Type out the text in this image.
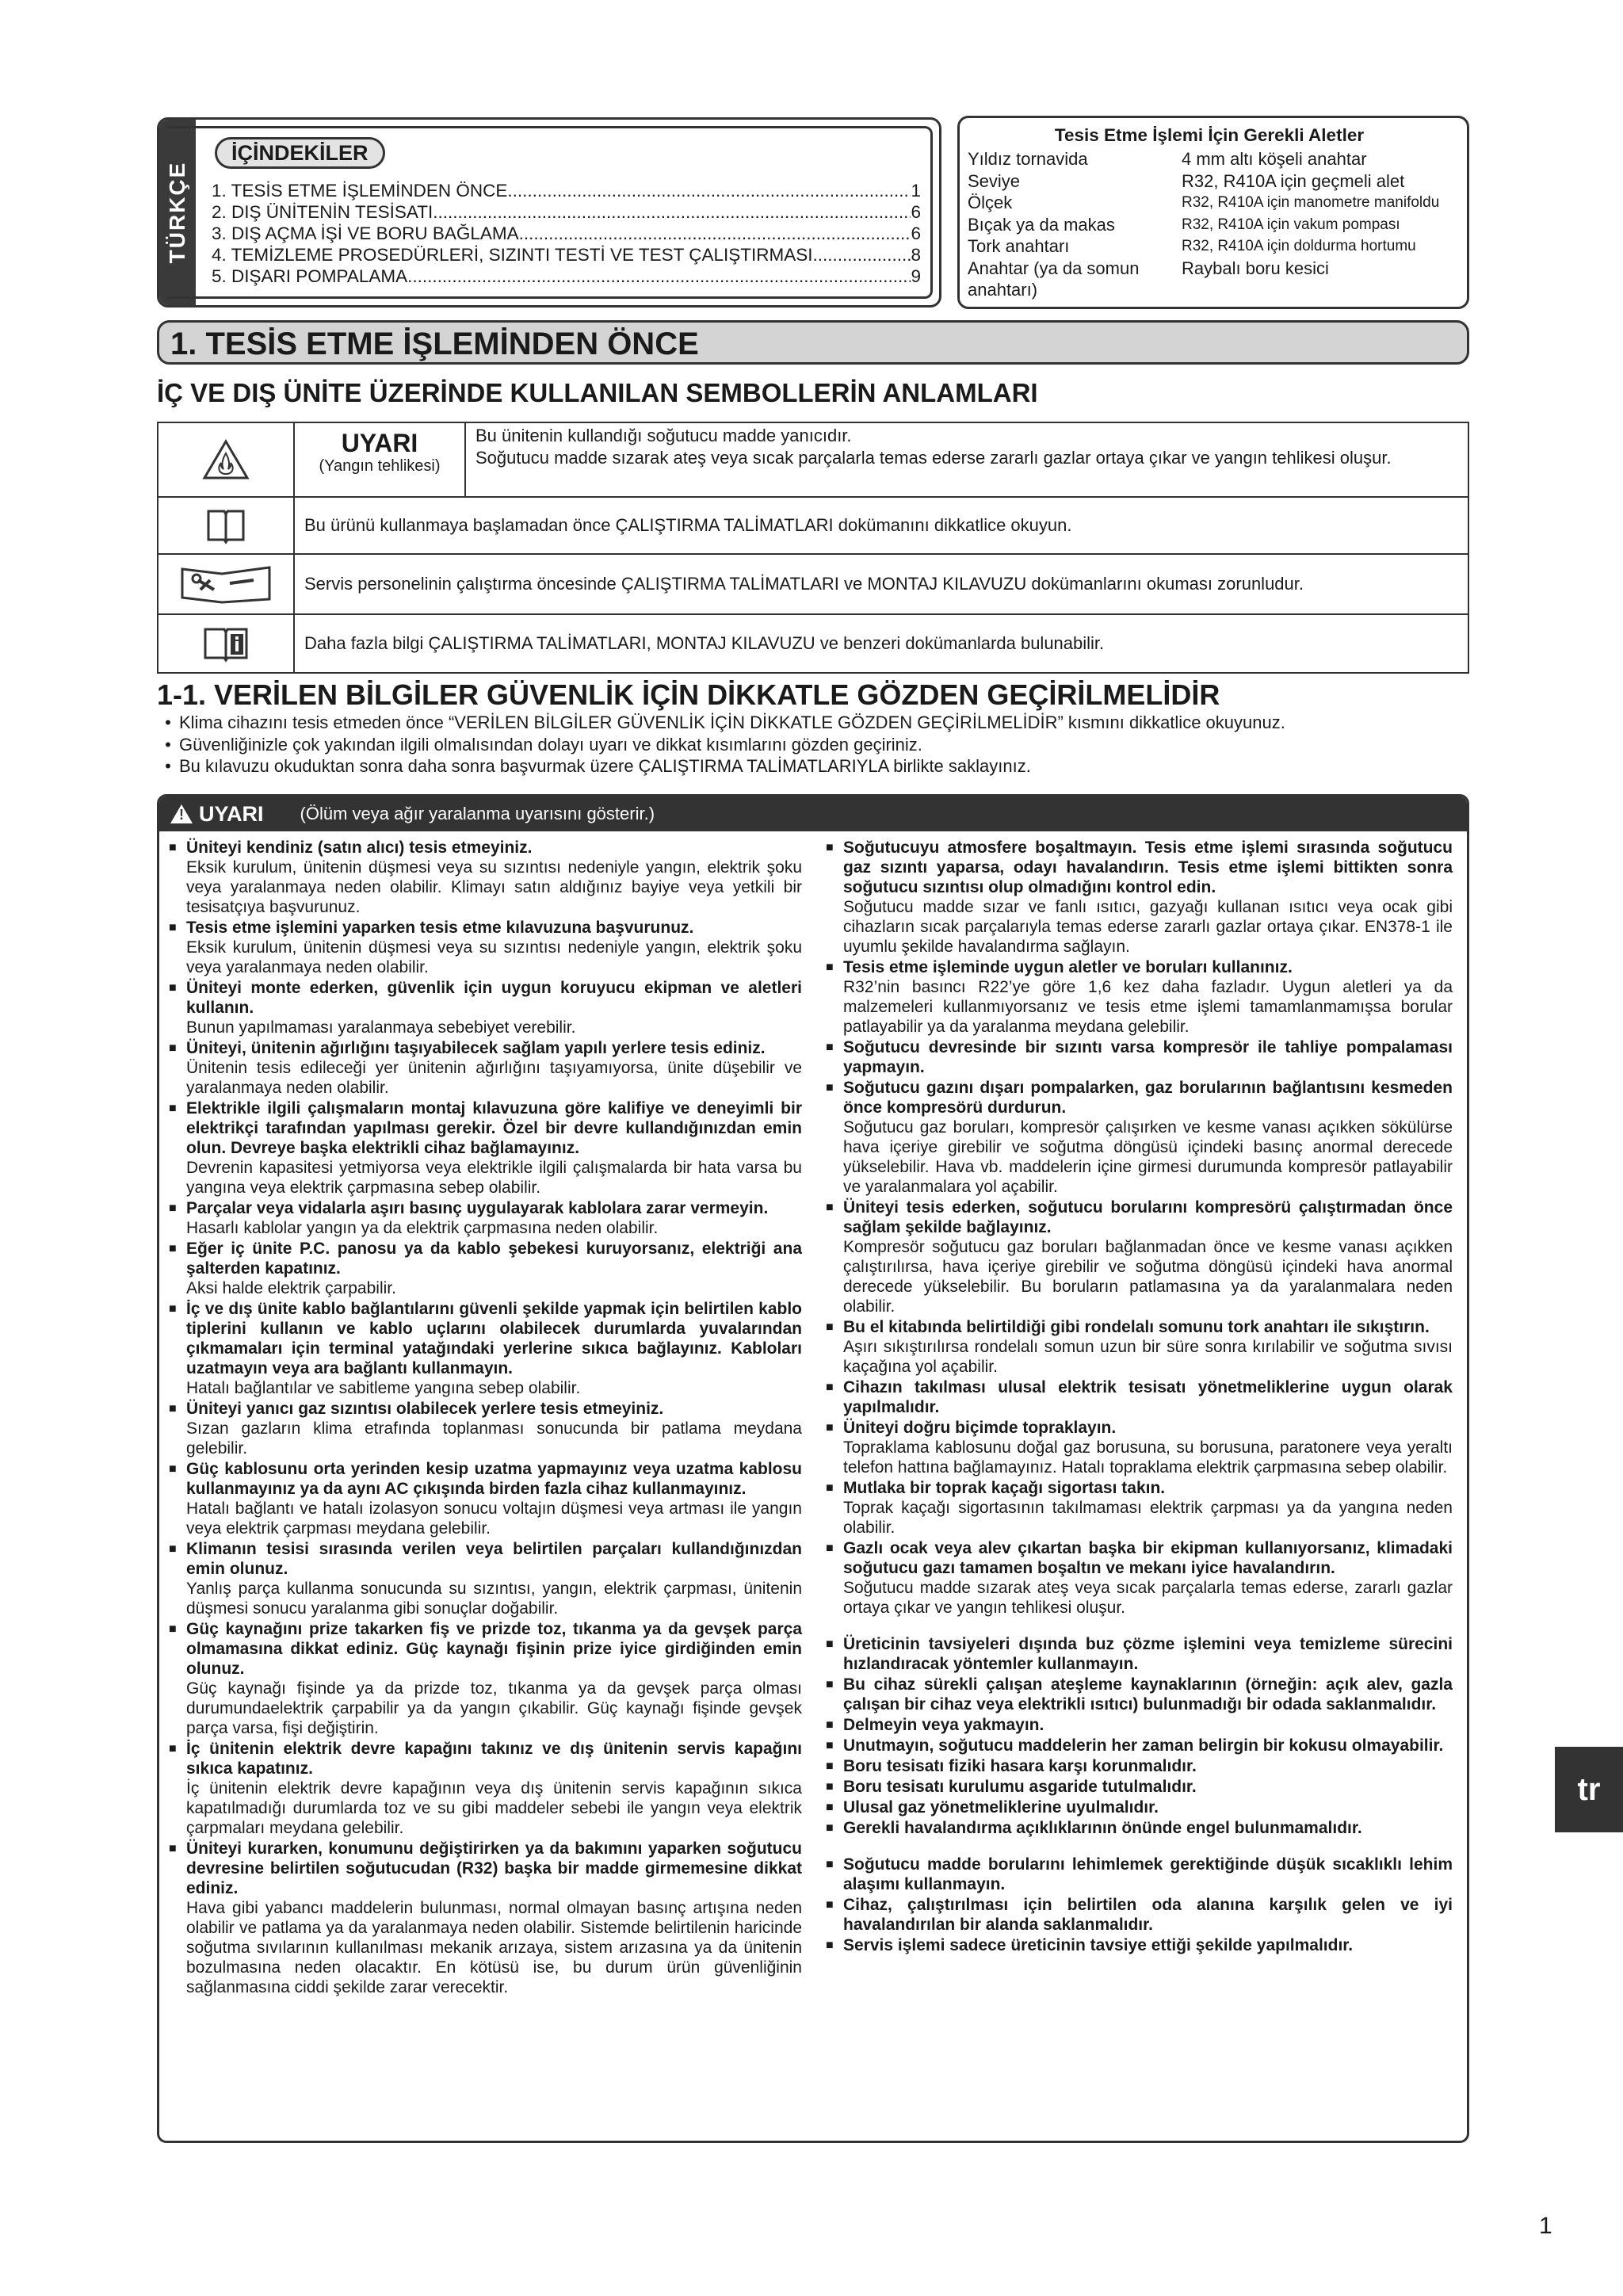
TÜRKÇE
İÇİNDEKİLER
1. TESİS ETME İŞLEMİNDEN ÖNCE .....	1
2. DIŞ ÜNİTENİN TESİSATI .....	6
3. DIŞ AÇMA İŞİ VE BORU BAĞLAMA .....	6
4. TEMİZLEME PROSEDÜRLERİ, SIZINTI TESTİ VE TEST ÇALIŞTIRMASI .....	8
5. DIŞARI POMPALAMA .....	9
Tesis Etme İşlemi İçin Gerekli Aletler
Yıldız tornavida	4 mm altı köşeli anahtar
Seviye	R32, R410A için geçmeli alet
Ölçek	R32, R410A için manometre manifoldu
Bıçak ya da makas	R32, R410A için vakum pompası
Tork anahtarı	R32, R410A için doldurma hortumu
Anahtar (ya da somun	Raybalı boru kesici
anahtarı)
1. TESİS ETME İŞLEMİNDEN ÖNCE
İÇ VE DIŞ ÜNİTE ÜZERİNDE KULLANILAN SEMBOLLERİN ANLAMLARI
UYARI
(Yangın tehlikesi)
Bu ünitenin kullandığı soğutucu madde yanıcıdır.
Soğutucu madde sızarak ateş veya sıcak parçalarla temas ederse zararlı gazlar ortaya çıkar ve yangın tehlikesi oluşur.
Bu ürünü kullanmaya başlamadan önce ÇALIŞTIRMA TALİMATLARI dokümanını dikkatlice okuyun.
Servis personelinin çalıştırma öncesinde ÇALIŞTIRMA TALİMATLARI ve MONTAJ KILAVUZU dokümanlarını okuması zorunludur.
Daha fazla bilgi ÇALIŞTIRMA TALİMATLARI, MONTAJ KILAVUZU ve benzeri dokümanlarda bulunabilir.
1-1. VERİLEN BİLGİLER GÜVENLİK İÇİN DİKKATLE GÖZDEN GEÇİRİLMELİDİR
• Klima cihazını tesis etmeden önce “VERİLEN BİLGİLER GÜVENLİK İÇİN DİKKATLE GÖZDEN GEÇİRİLMELİDİR” kısmını dikkatlice okuyunuz.
• Güvenliğinizle çok yakından ilgili olmalısından dolayı uyarı ve dikkat kısımlarını gözden geçiriniz.
• Bu kılavuzu okuduktan sonra daha sonra başvurmak üzere ÇALIŞTIRMA TALİMATLARIYLA birlikte saklayınız.
!
UYARI (Ölüm veya ağır yaralanma uyarısını gösterir.)
■ Üniteyi kendiniz (satın alıcı) tesis etmeyiniz.
Eksik kurulum, ünitenin düşmesi veya su sızıntısı nedeniyle yangın, elektrik şoku veya yaralanmaya neden olabilir. Klimayı satın aldığınız bayiye veya yetkili bir tesisatçıya başvurunuz.
■ Tesis etme işlemini yaparken tesis etme kılavuzuna başvurunuz.
Eksik kurulum, ünitenin düşmesi veya su sızıntısı nedeniyle yangın, elektrik şoku veya yaralanmaya neden olabilir.
■ Üniteyi monte ederken, güvenlik için uygun koruyucu ekipman ve aletleri kullanın.
Bunun yapılmaması yaralanmaya sebebiyet verebilir.
■ Üniteyi, ünitenin ağırlığını taşıyabilecek sağlam yapılı yerlere tesis ediniz.
Ünitenin tesis edileceği yer ünitenin ağırlığını taşıyamıyorsa, ünite düşebilir ve yaralanmaya neden olabilir.
■ Elektrikle ilgili çalışmaların montaj kılavuzuna göre kalifiye ve deneyimli bir elektrikçi tarafından yapılması gerekir. Özel bir devre kullandığınızdan emin olun. Devreye başka elektrikli cihaz bağlamayınız.
Devrenin kapasitesi yetmiyorsa veya elektrikle ilgili çalışmalarda bir hata varsa bu yangına veya elektrik çarpmasına sebep olabilir.
■ Parçalar veya vidalarla aşırı basınç uygulayarak kablolara zarar vermeyin.
Hasarlı kablolar yangın ya da elektrik çarpmasına neden olabilir.
■ Eğer iç ünite P.C. panosu ya da kablo şebekesi kuruyorsanız, elektriği ana şalterden kapatınız.
Aksi halde elektrik çarpabilir.
■ İç ve dış ünite kablo bağlantılarını güvenli şekilde yapmak için belirtilen kablo tiplerini kullanın ve kablo uçlarını olabilecek durumlarda yuvalarından çıkmamaları için terminal yatağındaki yerlerine sıkıca bağlayınız. Kabloları uzatmayın veya ara bağlantı kullanmayın.
Hatalı bağlantılar ve sabitleme yangına sebep olabilir.
■ Üniteyi yanıcı gaz sızıntısı olabilecek yerlere tesis etmeyiniz.
Sızan gazların klima etrafında toplanması sonucunda bir patlama meydana gelebilir.
■ Güç kablosunu orta yerinden kesip uzatma yapmayınız veya uzatma kablosu kullanmayınız ya da aynı AC çıkışında birden fazla cihaz kullanmayınız.
Hatalı bağlantı ve hatalı izolasyon sonucu voltajın düşmesi veya artması ile yangın veya elektrik çarpması meydana gelebilir.
■ Klimanın tesisi sırasında verilen veya belirtilen parçaları kullandığınızdan emin olunuz.
Yanlış parça kullanma sonucunda su sızıntısı, yangın, elektrik çarpması, ünitenin düşmesi sonucu yaralanma gibi sonuçlar doğabilir.
■ Güç kaynağını prize takarken fiş ve prizde toz, tıkanma ya da gevşek parça olmamasına dikkat ediniz. Güç kaynağı fişinin prize iyice girdiğinden emin olunuz.
Güç kaynağı fişinde ya da prizde toz, tıkanma ya da gevşek parça olması durumundaelektrik çarpabilir ya da yangın çıkabilir. Güç kaynağı fişinde gevşek parça varsa, fişi değiştirin.
■ İç ünitenin elektrik devre kapağını takınız ve dış ünitenin servis kapağını sıkıca kapatınız.
İç ünitenin elektrik devre kapağının veya dış ünitenin servis kapağının sıkıca kapatılmadığı durumlarda toz ve su gibi maddeler sebebi ile yangın veya elektrik çarpmaları meydana gelebilir.
■ Üniteyi kurarken, konumunu değiştirirken ya da bakımını yaparken soğutucu devresine belirtilen soğutucudan (R32) başka bir madde girmemesine dikkat ediniz.
Hava gibi yabancı maddelerin bulunması, normal olmayan basınç artışına neden olabilir ve patlama ya da yaralanmaya neden olabilir. Sistemde belirtilenin haricinde soğutma sıvılarının kullanılması mekanik arızaya, sistem arızasına ya da ünitenin bozulmasına neden olacaktır. En kötüsü ise, bu durum ürün güvenliğinin sağlanmasına ciddi şekilde zarar verecektir.
■ Soğutucuyu atmosfere boşaltmayın. Tesis etme işlemi sırasında soğutucu gaz sızıntı yaparsa, odayı havalandırın. Tesis etme işlemi bittikten sonra soğutucu sızıntısı olup olmadığını kontrol edin.
Soğutucu madde sızar ve fanlı ısıtıcı, gazyağı kullanan ısıtıcı veya ocak gibi cihazların sıcak parçalarıyla temas ederse zararlı gazlar ortaya çıkar. EN378-1 ile uyumlu şekilde havalandırma sağlayın.
■ Tesis etme işleminde uygun aletler ve boruları kullanınız.
R32’nin basıncı R22’ye göre 1,6 kez daha fazladır. Uygun aletleri ya da malzemeleri kullanmıyorsanız ve tesis etme işlemi tamamlanmamışsa borular patlayabilir ya da yaralanma meydana gelebilir.
■ Soğutucu devresinde bir sızıntı varsa kompresör ile tahliye pompalaması yapmayın.
■ Soğutucu gazını dışarı pompalarken, gaz borularının bağlantısını kesmeden önce kompresörü durdurun.
Soğutucu gaz boruları, kompresör çalışırken ve kesme vanası açıkken sökülürse hava içeriye girebilir ve soğutma döngüsü içindeki basınç anormal derecede yükselebilir. Hava vb. maddelerin içine girmesi durumunda kompresör patlayabilir ve yaralanmalara yol açabilir.
■ Üniteyi tesis ederken, soğutucu borularını kompresörü çalıştırmadan önce sağlam şekilde bağlayınız.
Kompresör soğutucu gaz boruları bağlanmadan önce ve kesme vanası açıkken çalıştırılırsa, hava içeriye girebilir ve soğutma döngüsü içindeki hava anormal derecede yükselebilir. Bu boruların patlamasına ya da yaralanmalara neden olabilir.
■ Bu el kitabında belirtildiği gibi rondelalı somunu tork anahtarı ile sıkıştırın.
Aşırı sıkıştırılırsa rondelalı somun uzun bir süre sonra kırılabilir ve soğutma sıvısı kaçağına yol açabilir.
■ Cihazın takılması ulusal elektrik tesisatı yönetmeliklerine uygun olarak yapılmalıdır.
■ Üniteyi doğru biçimde topraklayın.
Topraklama kablosunu doğal gaz borusuna, su borusuna, paratonere veya yeraltı telefon hattına bağlamayınız. Hatalı topraklama elektrik çarpmasına sebep olabilir.
■ Mutlaka bir toprak kaçağı sigortası takın.
Toprak kaçağı sigortasının takılmaması elektrik çarpması ya da yangına neden olabilir.
■ Gazlı ocak veya alev çıkartan başka bir ekipman kullanıyorsanız, klimadaki soğutucu gazı tamamen boşaltın ve mekanı iyice havalandırın.
Soğutucu madde sızarak ateş veya sıcak parçalarla temas ederse, zararlı gazlar ortaya çıkar ve yangın tehlikesi oluşur.
■ Üreticinin tavsiyeleri dışında buz çözme işlemini veya temizleme sürecini hızlandıracak yöntemler kullanmayın.
■ Bu cihaz sürekli çalışan ateşleme kaynaklarının (örneğin: açık alev, gazla çalışan bir cihaz veya elektrikli ısıtıcı) bulunmadığı bir odada saklanmalıdır.
■ Delmeyin veya yakmayın.
■ Unutmayın, soğutucu maddelerin her zaman belirgin bir kokusu olmayabilir.
■ Boru tesisatı fiziki hasara karşı korunmalıdır.
■ Boru tesisatı kurulumu asgaride tutulmalıdır.
■ Ulusal gaz yönetmeliklerine uyulmalıdır.
■ Gerekli havalandırma açıklıklarının önünde engel bulunmamalıdır.
■ Soğutucu madde borularını lehimlemek gerektiğinde düşük sıcaklıklı lehim alaşımı kullanmayın.
■ Cihaz, çalıştırılması için belirtilen oda alanına karşılık gelen ve iyi havalandırılan bir alanda saklanmalıdır.
■ Servis işlemi sadece üreticinin tavsiye ettiği şekilde yapılmalıdır.
tr
1
